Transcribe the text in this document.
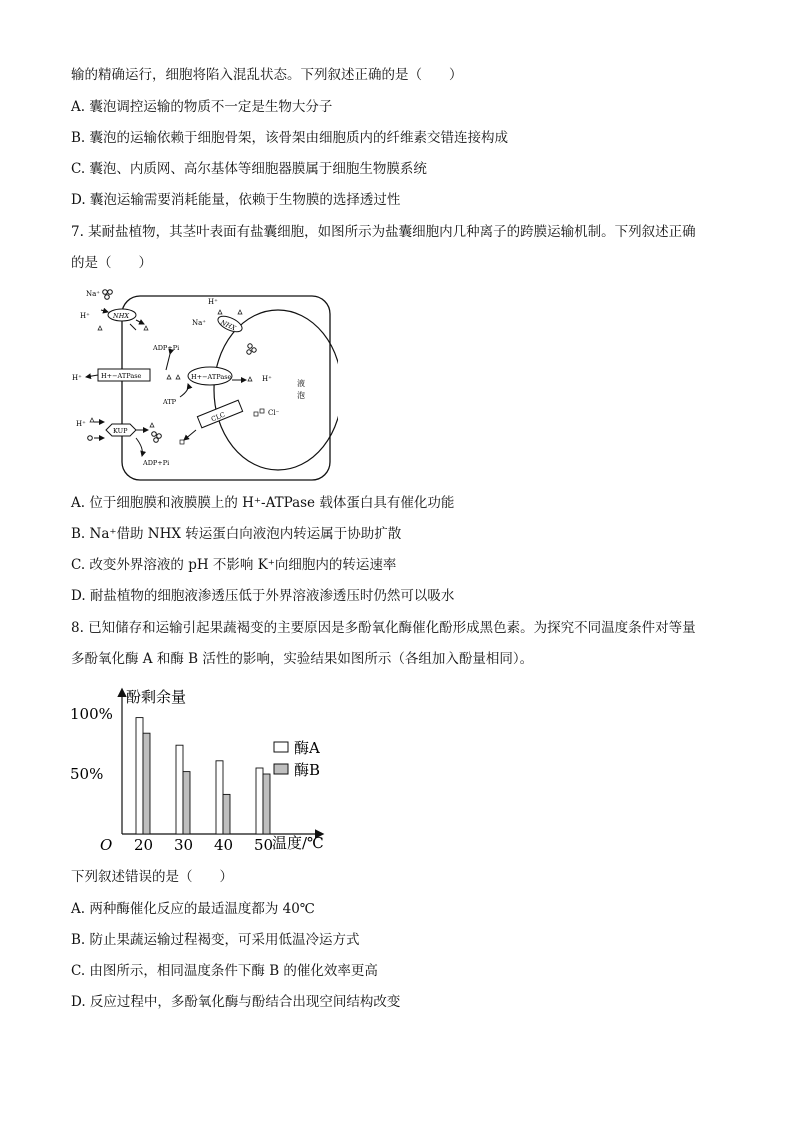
输的精确运行，细胞将陷入混乱状态。下列叙述正确的是（　　）
A. 囊泡调控运输的物质不一定是生物大分子
B. 囊泡的运输依赖于细胞骨架，该骨架由细胞质内的纤维素交错连接构成
C. 囊泡、内质网、高尔基体等细胞器膜属于细胞生物膜系统
D. 囊泡运输需要消耗能量，依赖于生物膜的选择透过性
7. 某耐盐植物，其茎叶表面有盐囊细胞，如图所示为盐囊细胞内几种离子的跨膜运输机制。下列叙述正确
的是（　　）
Na⁺
H⁺	NHX
H⁺
Na⁺ NHX
ADP+Pi
H⁺	H+−ATPase	H+−ATPase	H⁺
ATP
液
泡
CLC	Cl⁻
H⁺
KUP
ADP+Pi
A. 位于细胞膜和液膜膜上的 H⁺-ATPase 载体蛋白具有催化功能
B. Na⁺借助 NHX 转运蛋白向液泡内转运属于协助扩散
C. 改变外界溶液的 pH 不影响 K⁺向细胞内的转运速率
D. 耐盐植物的细胞液渗透压低于外界溶液渗透压时仍然可以吸水
8. 已知储存和运输引起果蔬褐变的主要原因是多酚氧化酶催化酚形成黑色素。为探究不同温度条件对等量
多酚氧化酶 A 和酶 B 活性的影响，实验结果如图所示（各组加入酚量相同）。
酚剩余量
温度/℃
O 20 30 40 50
酶A
酶B
100%
50%
下列叙述错误的是（　　）
A. 两种酶催化反应的最适温度都为 40℃
B. 防止果蔬运输过程褐变，可采用低温冷运方式
C. 由图所示，相同温度条件下酶 B 的催化效率更高
D. 反应过程中，多酚氧化酶与酚结合出现空间结构改变
